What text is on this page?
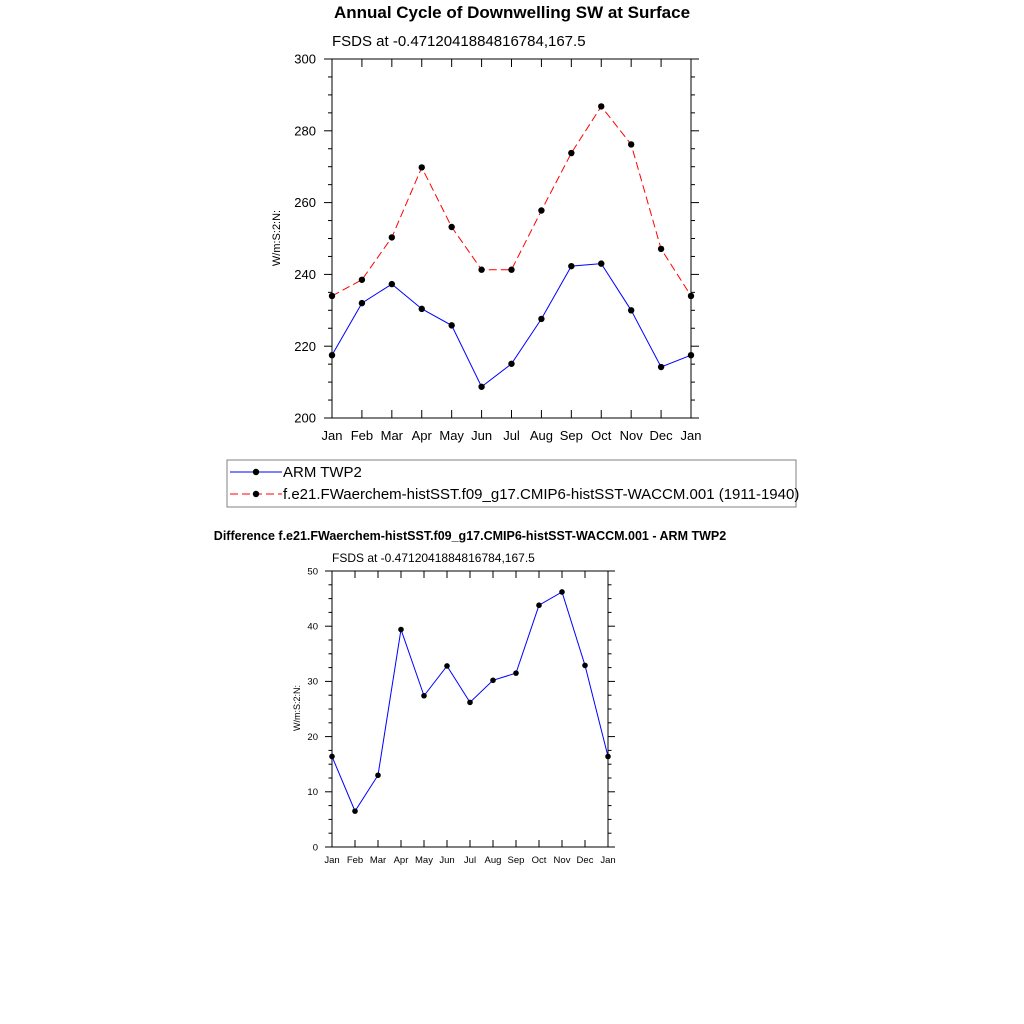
Annual Cycle of Downwelling SW at Surface
FSDS at -0.4712041884816784,167.5
W/m:S:2:N:
Jan Feb Mar Apr May Jun Jul Aug Sep Oct Nov Dec Jan
200
220
240
260
280
300
ARM TWP2
f.e21.FWaerchem-histSST.f09_g17.CMIP6-histSST-WACCM.001 (1911-1940)
Difference f.e21.FWaerchem-histSST.f09_g17.CMIP6-histSST-WACCM.001 - ARM TWP2
FSDS at -0.4712041884816784,167.5
W/m:S:2:N:
Jan Feb Mar Apr May Jun Jul Aug Sep Oct Nov Dec Jan
0
10
20
30
40
50
